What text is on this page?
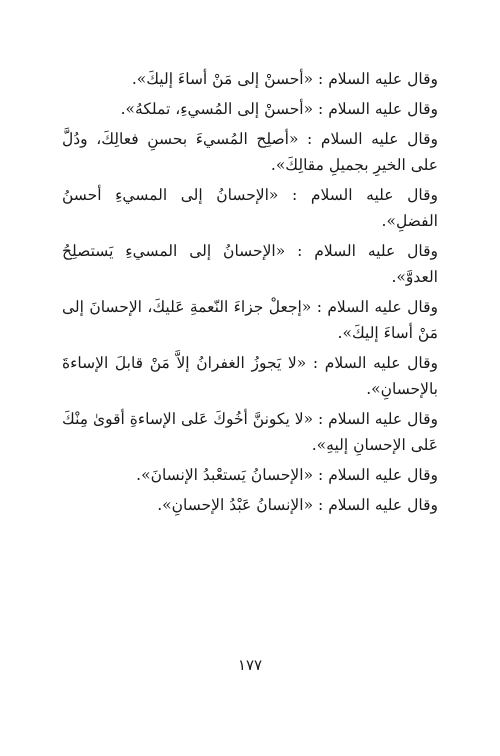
وقال عليه السلام : «أحسنْ إلى مَنْ أساءَ إليكَ».

وقال عليه السلام : «أحسنْ إلى المُسيءِ، تملكهُ».

وقال عليه السلام : «أصلِح المُسيءَ بحسنِ فعالِكَ، ودُلَّ على الخيرِ بجميلِ مقالِكَ».

وقال عليه السلام : «الإحسانُ إلى المسيءِ أحسنُ الفضلِ».

وقال عليه السلام : «الإحسانُ إلى المسيءِ يَستصلِحُ العدوَّ».

وقال عليه السلام : «إجعلْ جزاءَ النّعمةِ عَليكَ، الإحسانَ إلى مَنْ أساءَ إليكَ».

وقال عليه السلام : «لا يَجوزُ الغفرانُ إلاَّ مَنْ قابلَ الإساءةَ بالإحسانِ».

وقال عليه السلام : «لا يكوننَّ أخُوكَ عَلى الإساءةِ أقوىٰ مِنْكَ عَلى الإحسانِ إليهِ».

وقال عليه السلام : «الإحسانُ يَستعْبدُ الإنسانَ».

وقال عليه السلام : «الإنسانُ عَبْدُ الإحسانِ».

١٧٧
